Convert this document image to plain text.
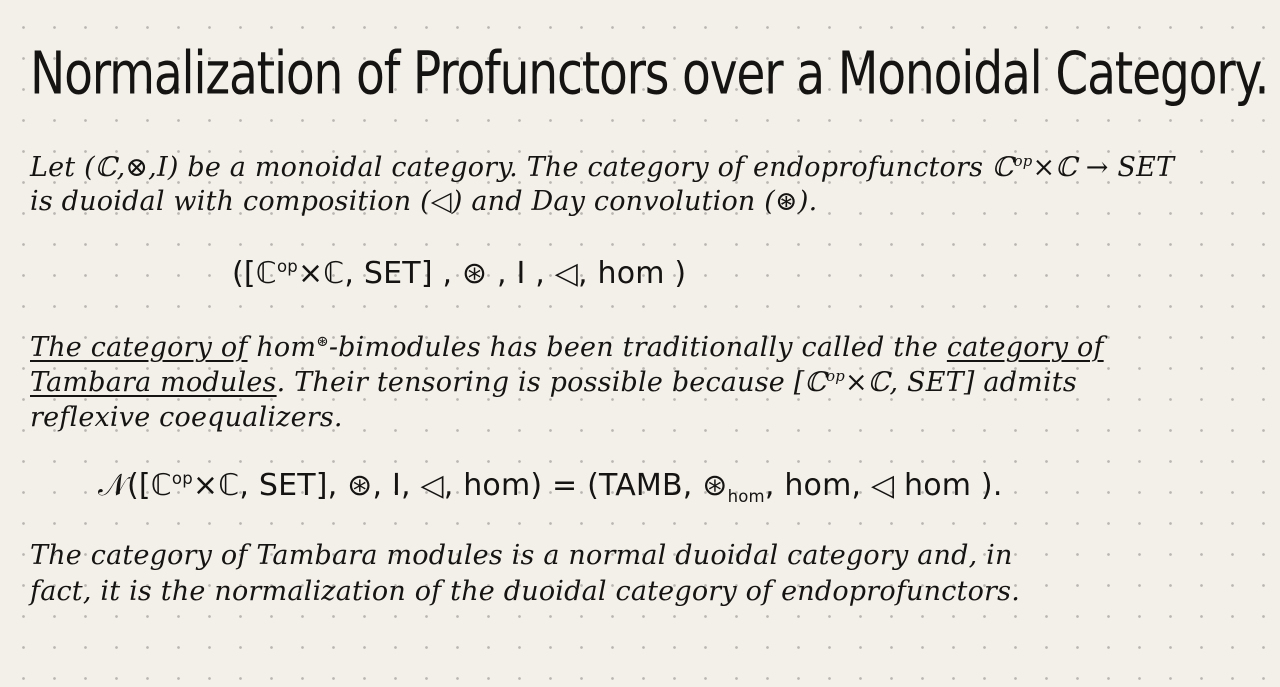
Normalization of Profunctors over a Monoidal Category.
Let (ℂ,⊗,I) be a monoidal category. The category of endoprofunctors ℂ$^{op}$×ℂ → SET
is duoidal with composition (◁) and Day convolution (⊛).
([ℂ$^{op}$×ℂ, SET] , ⊛ , I , ◁, hom )
The category of hom⊛-bimodules has been traditionally called the category of
Tambara modules. Their tensoring is possible because [ℂ$^{op}$×ℂ, SET] admits
reflexive coequalizers.
𝒩([ℂ$^{op}$×ℂ, SET], ⊛, I, ◁, hom) = (TAMB, $⊛_{hom}$, hom, ◁ hom ).
The category of Tambara modules is a normal duoidal category and, in
fact, it is the normalization of the duoidal category of endoprofunctors.
